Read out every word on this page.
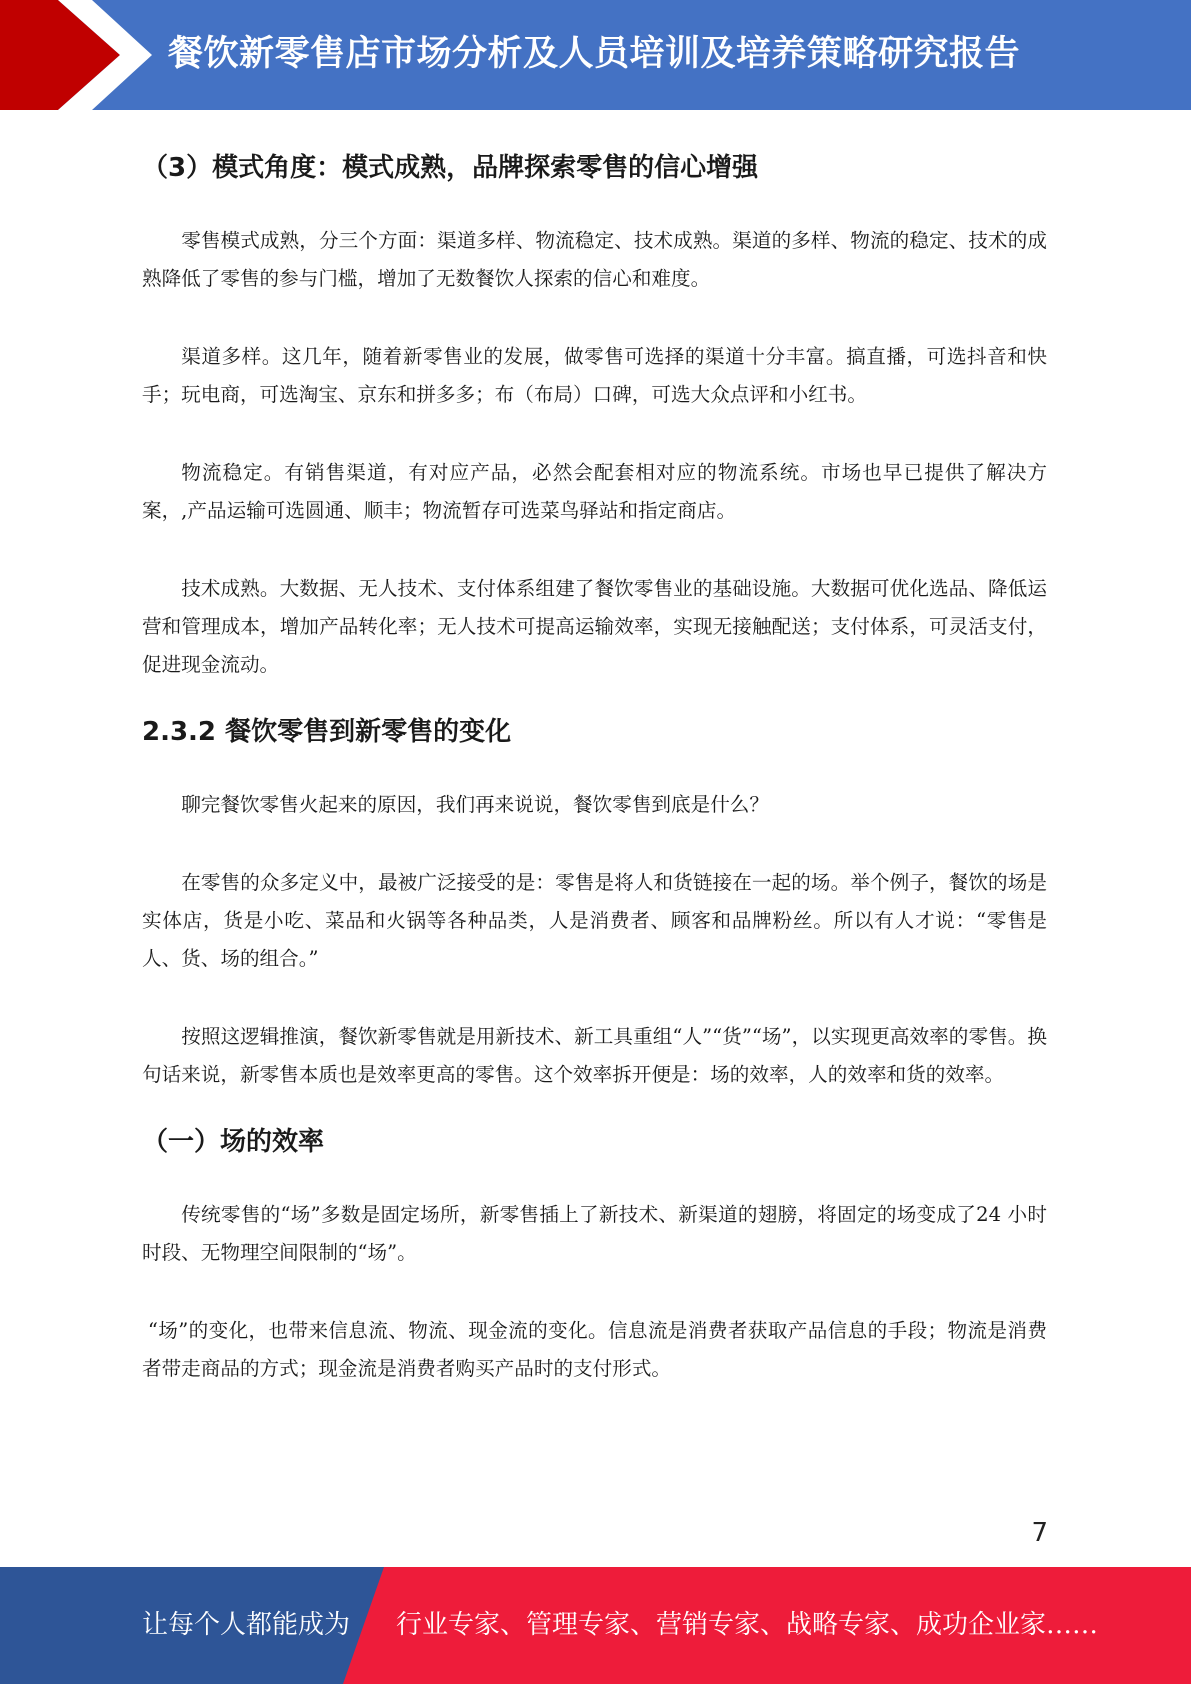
餐饮新零售店市场分析及人员培训及培养策略研究报告
（3）模式角度：模式成熟，品牌探索零售的信心增强

零售模式成熟，分三个方面：渠道多样、物流稳定、技术成熟。渠道的多样、物流的稳定、技术的成熟降低了零售的参与门槛，增加了无数餐饮人探索的信心和难度。

渠道多样。这几年，随着新零售业的发展，做零售可选择的渠道十分丰富。搞直播，可选抖音和快手；玩电商，可选淘宝、京东和拼多多；布（布局）口碑，可选大众点评和小红书。

物流稳定。有销售渠道，有对应产品，必然会配套相对应的物流系统。市场也早已提供了解决方案，,产品运输可选圆通、顺丰；物流暂存可选菜鸟驿站和指定商店。

技术成熟。大数据、无人技术、支付体系组建了餐饮零售业的基础设施。大数据可优化选品、降低运营和管理成本，增加产品转化率；无人技术可提高运输效率，实现无接触配送；支付体系，可灵活支付，促进现金流动。

2.3.2 餐饮零售到新零售的变化

聊完餐饮零售火起来的原因，我们再来说说，餐饮零售到底是什么？

在零售的众多定义中，最被广泛接受的是：零售是将人和货链接在一起的场。举个例子，餐饮的场是实体店，货是小吃、菜品和火锅等各种品类，人是消费者、顾客和品牌粉丝。所以有人才说：“零售是人、货、场的组合。”

按照这逻辑推演，餐饮新零售就是用新技术、新工具重组“人”“货”“场”，以实现更高效率的零售。换句话来说，新零售本质也是效率更高的零售。这个效率拆开便是：场的效率，人的效率和货的效率。

（一）场的效率

传统零售的“场”多数是固定场所，新零售插上了新技术、新渠道的翅膀，将固定的场变成了24 小时时段、无物理空间限制的“场”。

“场”的变化，也带来信息流、物流、现金流的变化。信息流是消费者获取产品信息的手段；物流是消费者带走商品的方式；现金流是消费者购买产品时的支付形式。

7
让每个人都能成为 行业专家、管理专家、营销专家、战略专家、成功企业家……
